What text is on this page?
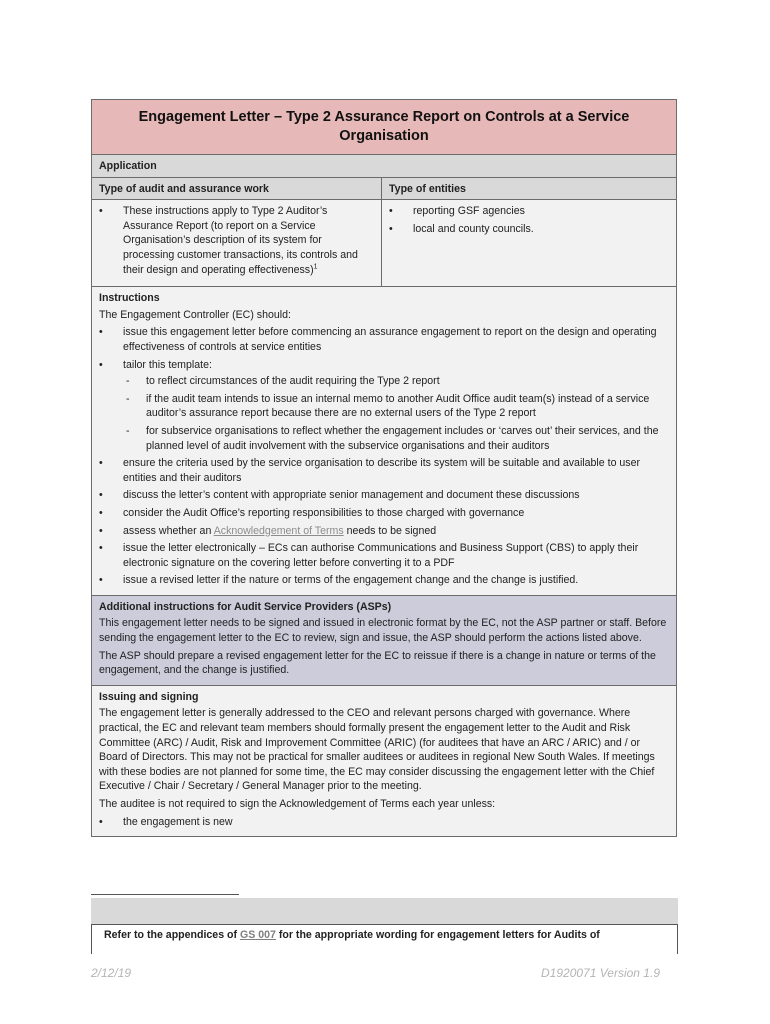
Engagement Letter – Type 2 Assurance Report on Controls at a Service Organisation
Application
Type of audit and assurance work	Type of entities
• These instructions apply to Type 2 Auditor’s Assurance Report (to report on a Service Organisation’s description of its system for processing customer transactions, its controls and their design and operating effectiveness)$^1$
• reporting GSF agencies
• local and county councils.
Instructions

The Engagement Controller (EC) should:

• issue this engagement letter before commencing an assurance engagement to report on the design and operating effectiveness of controls at service entities
• tailor this template:
- to reflect circumstances of the audit requiring the Type 2 report
- if the audit team intends to issue an internal memo to another Audit Office audit team(s) instead of a service auditor’s assurance report because there are no external users of the Type 2 report
- for subservice organisations to reflect whether the engagement includes or ‘carves out’ their services, and the planned level of audit involvement with the subservice organisations and their auditors
• ensure the criteria used by the service organisation to describe its system will be suitable and available to user entities and their auditors
• discuss the letter’s content with appropriate senior management and document these discussions
• consider the Audit Office’s reporting responsibilities to those charged with governance
• assess whether an Acknowledgement of Terms needs to be signed
• issue the letter electronically – ECs can authorise Communications and Business Support (CBS) to apply their electronic signature on the covering letter before converting it to a PDF
• issue a revised letter if the nature or terms of the engagement change and the change is justified.
Additional instructions for Audit Service Providers (ASPs)

This engagement letter needs to be signed and issued in electronic format by the EC, not the ASP partner or staff. Before sending the engagement letter to the EC to review, sign and issue, the ASP should perform the actions listed above.

The ASP should prepare a revised engagement letter for the EC to reissue if there is a change in nature or terms of the engagement, and the change is justified.

Issuing and signing

The engagement letter is generally addressed to the CEO and relevant persons charged with governance. Where practical, the EC and relevant team members should formally present the engagement letter to the Audit and Risk Committee (ARC) / Audit, Risk and Improvement Committee (ARIC) (for auditees that have an ARC / ARIC) and / or Board of Directors. This may not be practical for smaller auditees or auditees in regional New South Wales. If meetings with these bodies are not planned for some time, the EC may consider discussing the engagement letter with the Chief Executive / Chair / Secretary / General Manager prior to the meeting.

The auditee is not required to sign the Acknowledgement of Terms each year unless:

• the engagement is new
Refer to the appendices of GS 007 for the appropriate wording for engagement letters for Audits of
2/12/19	D1920071 Version 1.9
